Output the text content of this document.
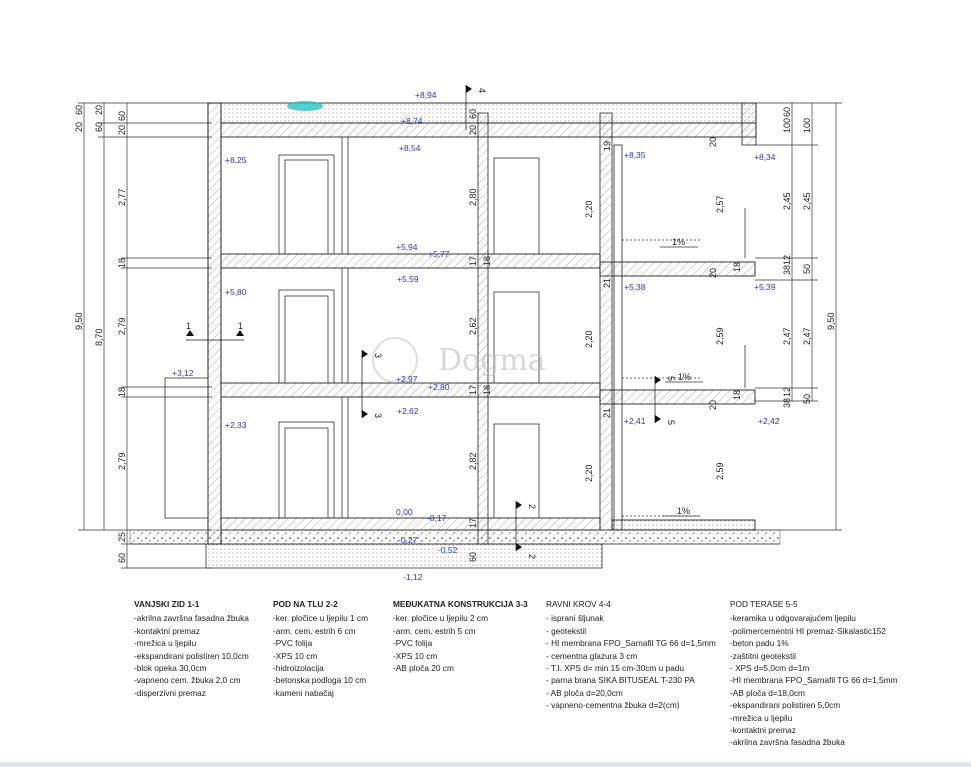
Dogma
60
20
9,50
20
60
8,70
60
20
2,77
18
2,79
18
2,79
25
60
60
100
2,45
38
12
2,47
38
12
100
2,45
50
2,47
50
9,50
2,80
2,62
2,82
2,20
2,20
2,20
2,57
2,59
2,59
20
60
17 18
17 18
17
21
21
19	20
18
20
18
20
60
+8,94
+8,74
+8,54
+8,25	+8,35	+8,34
+5,94
+5,77
+5,59
+5,80	+5,38	+5,39
+3,12
+2,97
+2,80
+2,62
+2,33	+2,41	+2,42
0,00
-0,17
-0,27
-0,52
-1,12
1	1
4
2
2
3
3
5
5
1%
1%
1%
VANJSKI ZID 1-1
-akrilna završna fasadna žbuka
-kontaktni premaz
-mrežica u ljepilu
-ekspandirani polistiren 10,0cm
-blok opeka 30,0cm
-vapneno cem. žbuka 2,0 cm
-disperzivni premaz
POD NA TLU 2-2
-ker. pločice u ljepilu 1 cm
-arm. cem. estrih 6 cm
-PVC folija
-XPS 10 cm
-hidroizolacija
-betonska podloga 10 cm
-kameni nabačaj
MEĐUKATNA KONSTRUKCIJA 3-3
-ker. pločice u ljepilu 2 cm
-arm. cem. estrih 5 cm
-PVC folija
-XPS 10 cm
-AB ploča 20 cm
RAVNI KROV 4-4
- isprani šljunak
- geotekstil
- HI membrana FPO_Sarnafil TG 66 d=1,5mm
- cementna glazura 3 cm
- T.I. XPS d= min 15 cm-30cm u padu
- parna brana SIKA BITUSEAL T-230 PA
- AB ploča d=20,0cm
- vapneno-cementna žbuka d=2(cm)
POD TERASE 5-5
-keramika u odgovarajućem ljepilu
-polimercementni HI premaz-Sikalastic152
-beton padu 1%
-zaštitni geotekstil
- XPS d=5,0cm d=1m
-HI membrana FPO_Sarnafil TG 66 d=1,5mm
-AB ploča d=18,0cm
-ekspandirani polistiren 5,0cm
-mrežica u ljepilu
-kontaktni premaz
-akrilna završna fasadna žbuka
